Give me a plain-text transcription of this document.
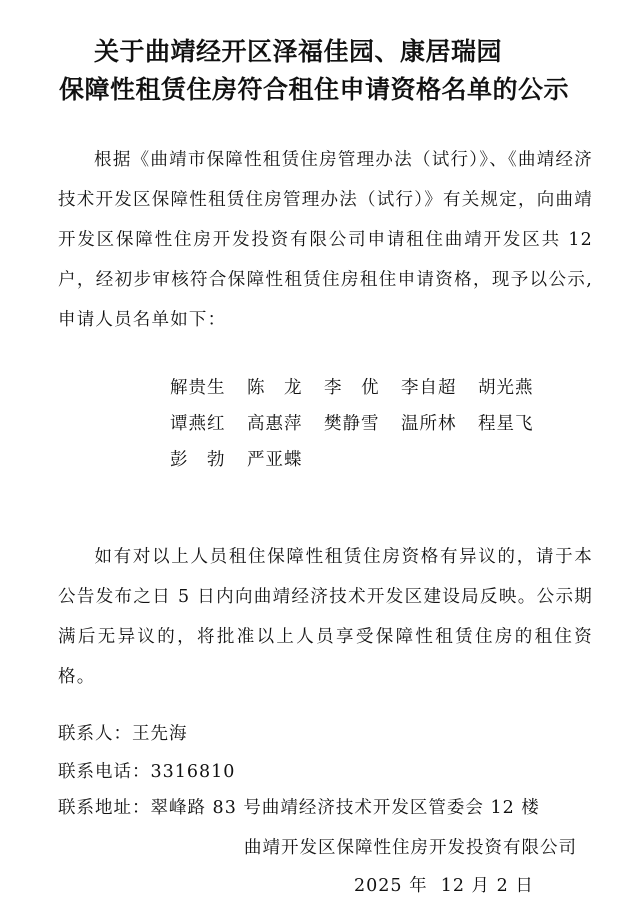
关于曲靖经开区泽福佳园、康居瑞园
保障性租赁住房符合租住申请资格名单的公示
根据《曲靖市保障性租赁住房管理办法（试行）》、《曲靖经济技术开发区保障性租赁住房管理办法（试行）》有关规定，向曲靖开发区保障性住房开发投资有限公司申请租住曲靖开发区共 12 户，经初步审核符合保障性租赁住房租住申请资格，现予以公示,申请人员名单如下：
解贵生 陈　龙 李　优 李自超 胡光燕
谭燕红 高惠萍 樊静雪 温所林 程星飞
彭　勃 严亚蝶
如有对以上人员租住保障性租赁住房资格有异议的，请于本公告发布之日 5 日内向曲靖经济技术开发区建设局反映。公示期满后无异议的，将批准以上人员享受保障性租赁住房的租住资格。
联系人：王先海
联系电话：3316810
联系地址：翠峰路 83 号曲靖经济技术开发区管委会 12 楼
曲靖开发区保障性住房开发投资有限公司
2025 年  12 月 2 日
